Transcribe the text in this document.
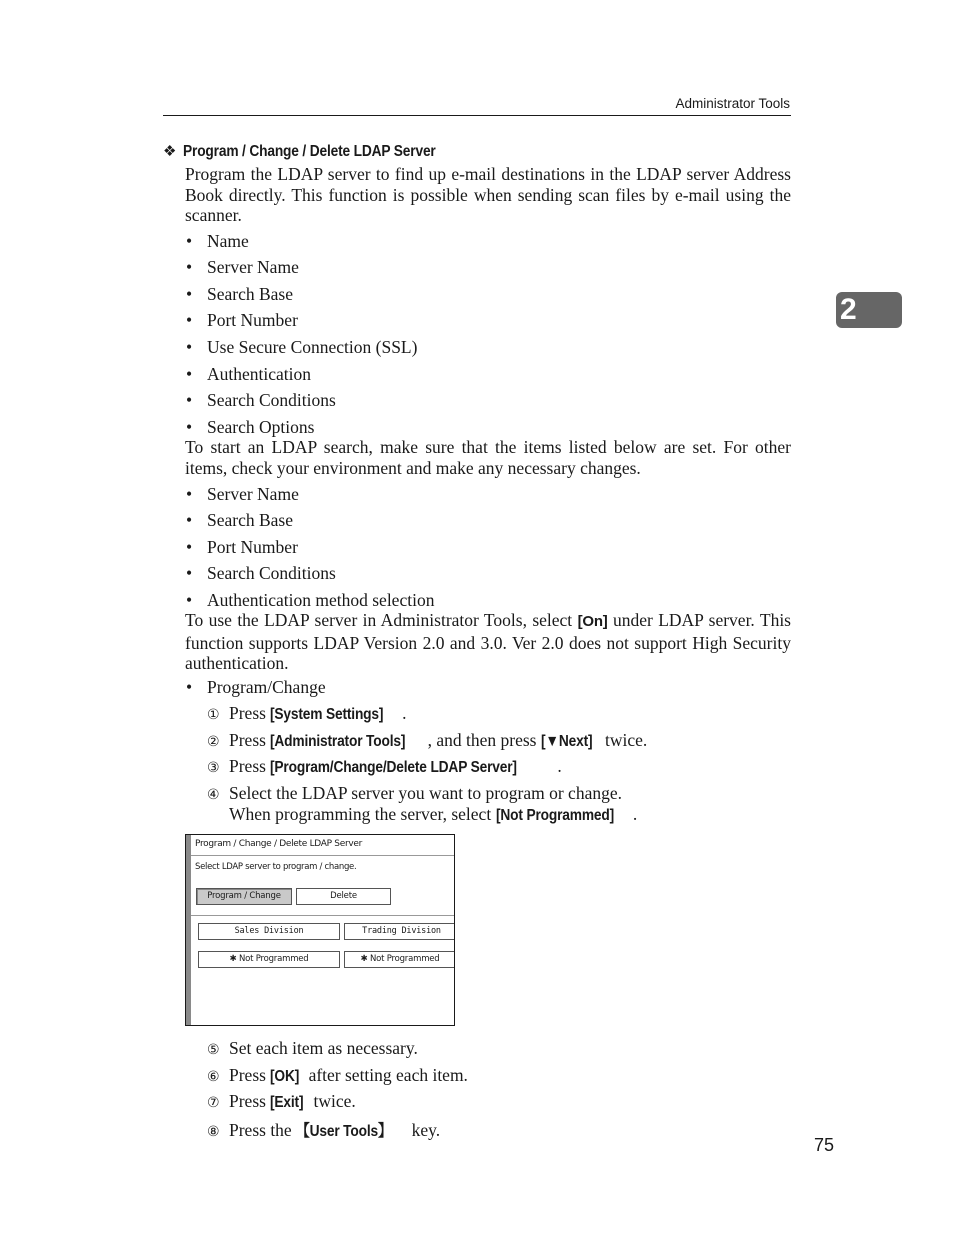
Administrator Tools
2
❖ Program / Change / Delete LDAP Server
Program the LDAP server to find up e-mail destinations in the LDAP server Address Book directly. This function is possible when sending scan files by e-mail using the scanner.
• Name
• Server Name
• Search Base
• Port Number
• Use Secure Connection (SSL)
• Authentication
• Search Conditions
• Search Options
To start an LDAP search, make sure that the items listed below are set. For other items, check your environment and make any necessary changes.
• Server Name
• Search Base
• Port Number
• Search Conditions
• Authentication method selection
To use the LDAP server in Administrator Tools, select [On] under LDAP server. This function supports LDAP Version 2.0 and 3.0. Ver 2.0 does not support High Security authentication.
• Program/Change
① Press [System Settings] .
② Press [Administrator Tools] , and then press [▼Next] twice.
③ Press [Program/Change/Delete LDAP Server] .
④ Select the LDAP server you want to program or change.
When programming the server, select [Not Programmed] .
Program / Change / Delete LDAP Server
Select LDAP server to program / change.
Program / Change	Delete
Sales Division	Trading Division
✱ Not Programmed	✱ Not Programmed
⑤ Set each item as necessary.
⑥ Press [OK] after setting each item.
⑦ Press [Exit] twice.
⑧ Press the 【User Tools】 key.
75
